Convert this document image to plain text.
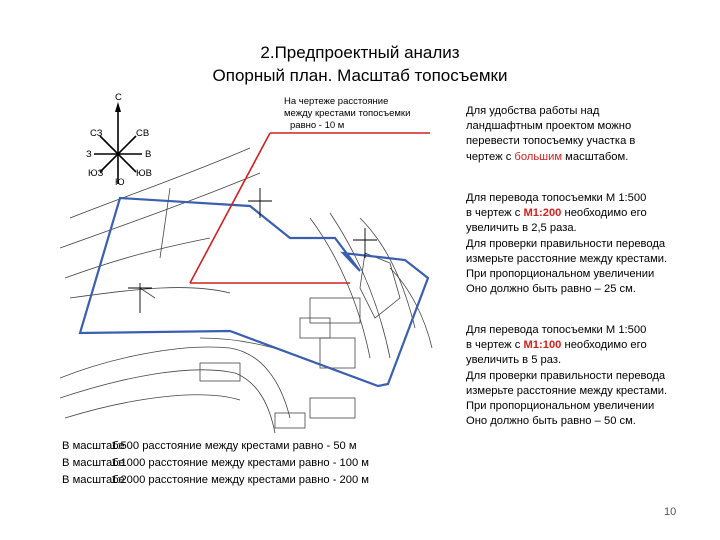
2.Предпроектный анализ
Опорный план. Масштаб топосъемки
С
СВ
В
ЮВ
Ю
ЮЗ
З
СЗ
На чертеже расстояние
между крестами топосъемки
равно - 10 м
Для удобства работы над
ландшафтным проектом можно
перевести топосъемку участка в
чертеж с большим масштабом.
Для перевода топосъемки М 1:500
в чертеж с М1:200 необходимо его
увеличить в 2,5 раза.
Для проверки правильности перевода
измерьте расстояние между крестами.
При пропорциональном увеличении
Оно должно быть равно – 25 см.
Для перевода топосъемки М 1:500
в чертеж с М1:100 необходимо его
увеличить в 5 раз.
Для проверки правильности перевода
измерьте расстояние между крестами.
При пропорциональном увеличении
Оно должно быть равно – 50 см.
В масштабе 1:500 расстояние между крестами равно - 50 м
В масштабе 1:1000 расстояние между крестами равно - 100 м
В масштабе 1:2000 расстояние между крестами равно - 200 м
10
